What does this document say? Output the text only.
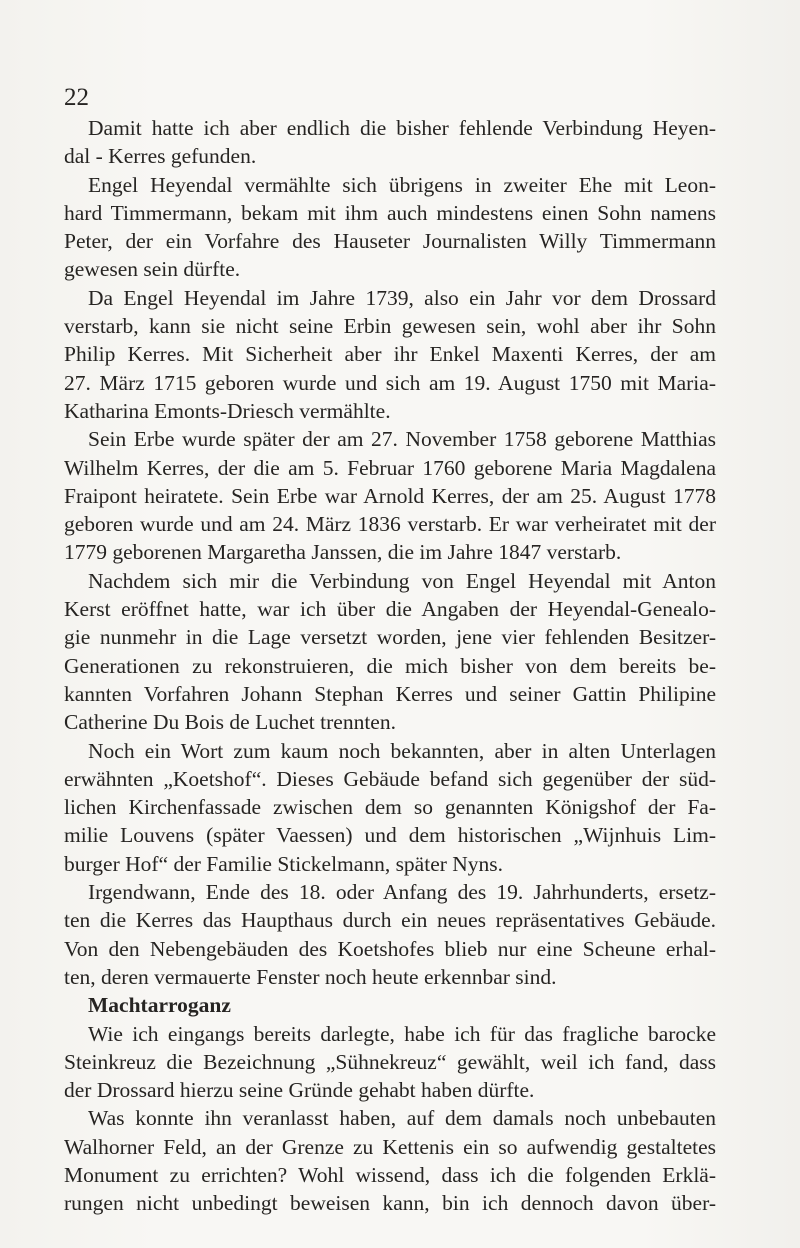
22
Damit hatte ich aber endlich die bisher fehlende Verbindung Heyen-
dal - Kerres gefunden.
Engel Heyendal vermählte sich übrigens in zweiter Ehe mit Leon-
hard Timmermann, bekam mit ihm auch mindestens einen Sohn namens
Peter, der ein Vorfahre des Hauseter Journalisten Willy Timmermann
gewesen sein dürfte.
Da Engel Heyendal im Jahre 1739, also ein Jahr vor dem Drossard
verstarb, kann sie nicht seine Erbin gewesen sein, wohl aber ihr Sohn
Philip Kerres. Mit Sicherheit aber ihr Enkel Maxenti Kerres, der am
27. März 1715 geboren wurde und sich am 19. August 1750 mit Maria-
Katharina Emonts-Driesch vermählte.
Sein Erbe wurde später der am 27. November 1758 geborene Matthias
Wilhelm Kerres, der die am 5. Februar 1760 geborene Maria Magdalena
Fraipont heiratete. Sein Erbe war Arnold Kerres, der am 25. August 1778
geboren wurde und am 24. März 1836 verstarb. Er war verheiratet mit der
1779 geborenen Margaretha Janssen, die im Jahre 1847 verstarb.
Nachdem sich mir die Verbindung von Engel Heyendal mit Anton
Kerst eröffnet hatte, war ich über die Angaben der Heyendal-Genealo-
gie nunmehr in die Lage versetzt worden, jene vier fehlenden Besitzer-
Generationen zu rekonstruieren, die mich bisher von dem bereits be-
kannten Vorfahren Johann Stephan Kerres und seiner Gattin Philipine
Catherine Du Bois de Luchet trennten.
Noch ein Wort zum kaum noch bekannten, aber in alten Unterlagen
erwähnten „Koetshof“. Dieses Gebäude befand sich gegenüber der süd-
lichen Kirchenfassade zwischen dem so genannten Königshof der Fa-
milie Louvens (später Vaessen) und dem historischen „Wijnhuis Lim-
burger Hof“ der Familie Stickelmann, später Nyns.
Irgendwann, Ende des 18. oder Anfang des 19. Jahrhunderts, ersetz-
ten die Kerres das Haupthaus durch ein neues repräsentatives Gebäude.
Von den Nebengebäuden des Koetshofes blieb nur eine Scheune erhal-
ten, deren vermauerte Fenster noch heute erkennbar sind.
Machtarroganz
Wie ich eingangs bereits darlegte, habe ich für das fragliche barocke
Steinkreuz die Bezeichnung „Sühnekreuz“ gewählt, weil ich fand, dass
der Drossard hierzu seine Gründe gehabt haben dürfte.
Was konnte ihn veranlasst haben, auf dem damals noch unbebauten
Walhorner Feld, an der Grenze zu Kettenis ein so aufwendig gestaltetes
Monument zu errichten? Wohl wissend, dass ich die folgenden Erklä-
rungen nicht unbedingt beweisen kann, bin ich dennoch davon über-
